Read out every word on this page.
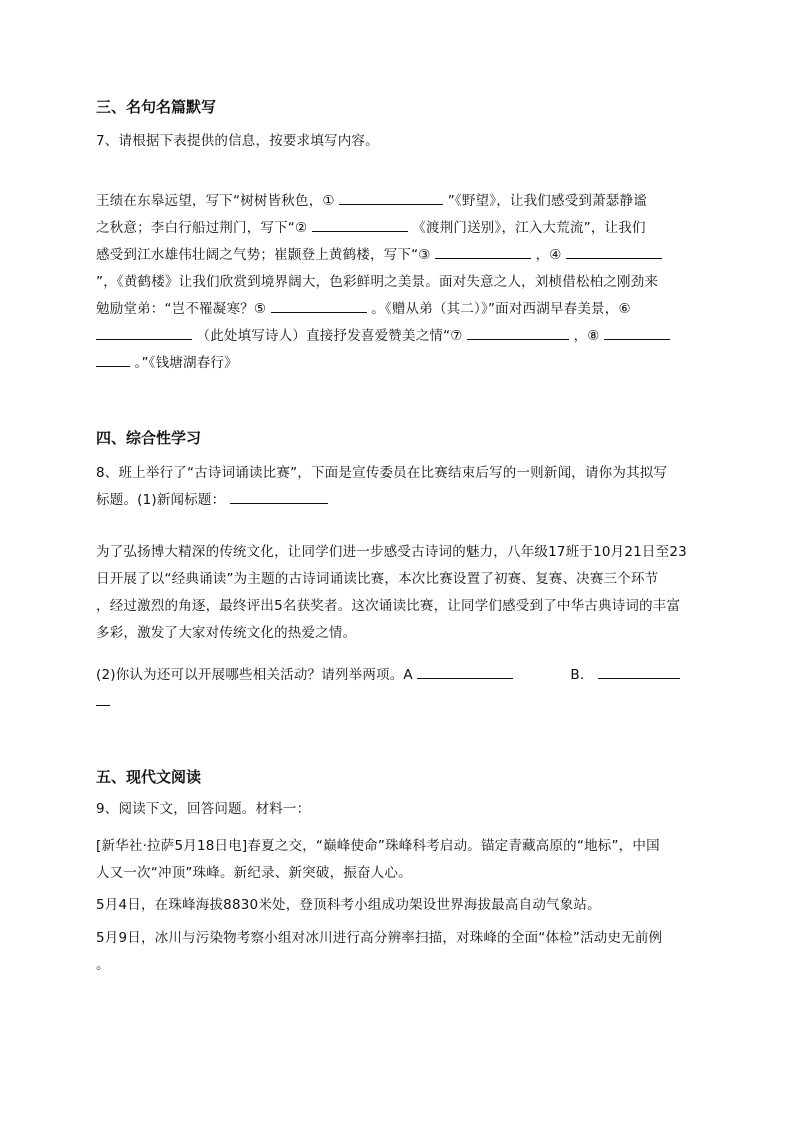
三、名句名篇默写

7、请根据下表提供的信息，按要求填写内容。

王绩在东皋远望，写下“树树皆秋色，①	”《野望》，让我们感受到萧瑟静谧

之秋意；李白行船过荆门，写下“②	《渡荆门送别》，江入大荒流”，让我们

感受到江水雄伟壮阔之气势；崔颢登上黄鹤楼，写下“③	，④

”，《黄鹤楼》让我们欣赏到境界阔大，色彩鲜明之美景。面对失意之人，刘桢借松柏之刚劲来

勉励堂弟：“岂不罹凝寒？⑤	。《赠从弟（其二）》”面对西湖早春美景，⑥

（此处填写诗人）直接抒发喜爱赞美之情“⑦	，⑧

。”《钱塘湖春行》

四、综合性学习

8、班上举行了“古诗词诵读比赛”，下面是宣传委员在比赛结束后写的一则新闻，请你为其拟写

标题。(1)新闻标题：

为了弘扬博大精深的传统文化，让同学们进一步感受古诗词的魅力，八年级17班于10月21日至23

日开展了以“经典诵读”为主题的古诗词诵读比赛，本次比赛设置了初赛、复赛、决赛三个环节

，经过激烈的角逐，最终评出5名获奖者。这次诵读比赛，让同学们感受到了中华古典诗词的丰富

多彩，激发了大家对传统文化的热爱之情。

(2)你认为还可以开展哪些相关活动？请列举两项。A	B．

五、现代文阅读

9、阅读下文，回答问题。材料一：

[新华社·拉萨5月18日电]春夏之交，“巅峰使命”珠峰科考启动。锚定青藏高原的“地标”，中国

人又一次“冲顶”珠峰。新纪录、新突破，振奋人心。

5月4日，在珠峰海拔8830米处，登顶科考小组成功架设世界海拔最高自动气象站。

5月9日，冰川与污染物考察小组对冰川进行高分辨率扫描，对珠峰的全面“体检”活动史无前例

。
